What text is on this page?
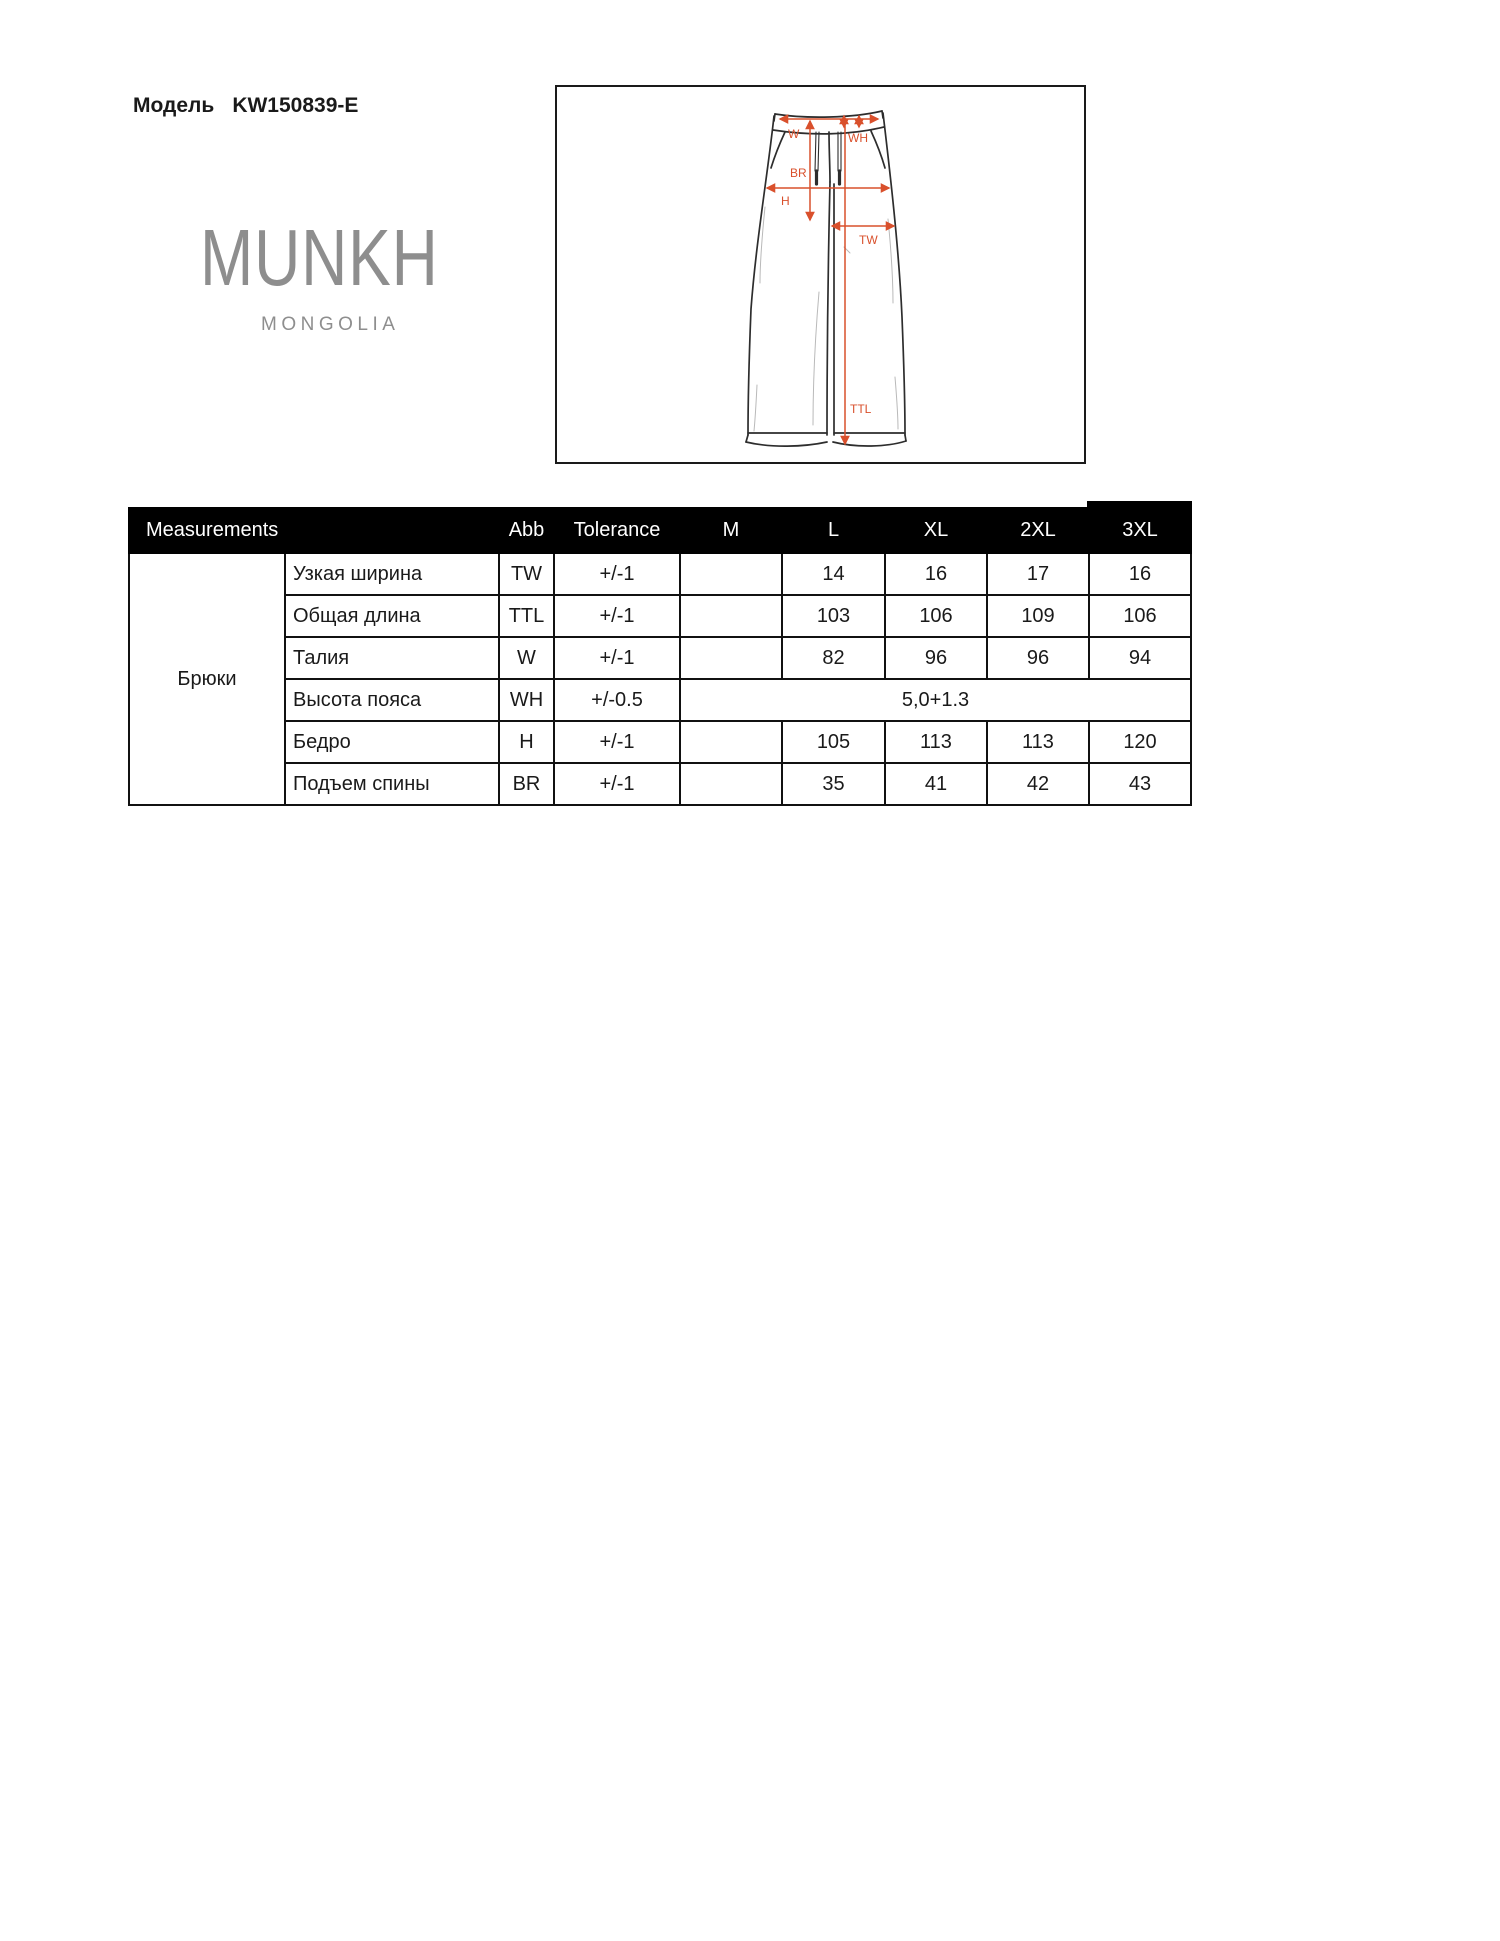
Модель KW150839-E
MUNKH
MONGOLIA
W	WH
BR
H
TW
TTL
Measurements		Abb	Tolerance	M	L	XL	2XL	3XL
Брюки	Узкая ширина	TW	+/-1		14	16	17	16
	Общая длина	TTL	+/-1		103	106	109	106
	Талия	W	+/-1		82	96	96	94
	Высота пояса	WH	+/-0.5	5,0+1.3				
	Бедро	H	+/-1		105	113	113	120
	Подъем спины	BR	+/-1		35	41	42	43
